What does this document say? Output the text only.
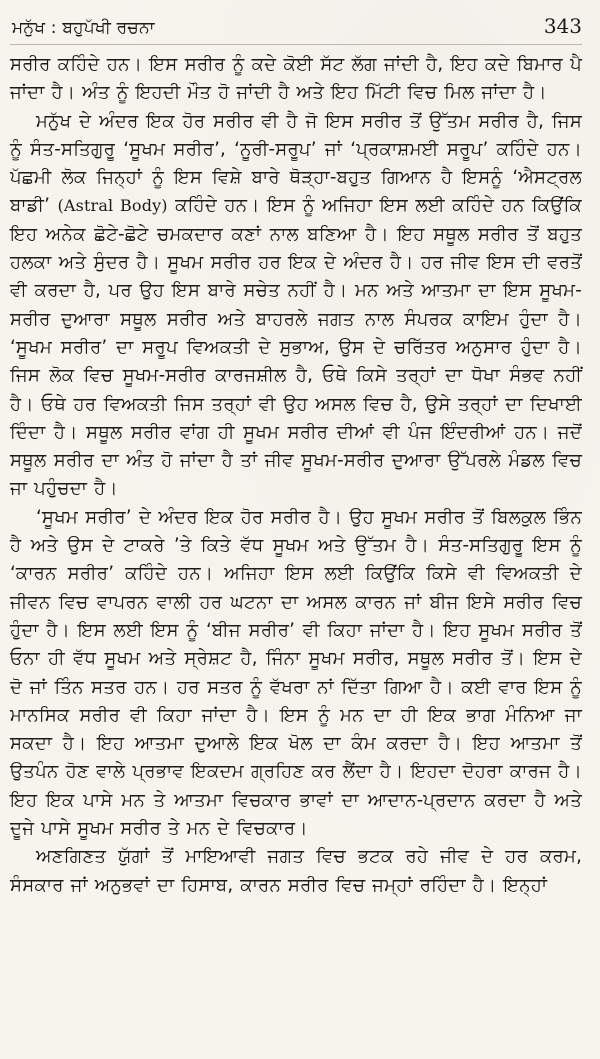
ਮਨੁੱਖ : ਬਹੁਪੱਖੀ ਰਚਨਾ	343

ਸਰੀਰ ਕਹਿੰਦੇ ਹਨ। ਇਸ ਸਰੀਰ ਨੂੰ ਕਦੇ ਕੋਈ ਸੱਟ ਲੱਗ ਜਾਂਦੀ ਹੈ, ਇਹ ਕਦੇ ਬਿਮਾਰ ਪੈ ਜਾਂਦਾ ਹੈ। ਅੰਤ ਨੂੰ ਇਹਦੀ ਮੌਤ ਹੋ ਜਾਂਦੀ ਹੈ ਅਤੇ ਇਹ ਮਿੱਟੀ ਵਿਚ ਮਿਲ ਜਾਂਦਾ ਹੈ।

ਮਨੁੱਖ ਦੇ ਅੰਦਰ ਇਕ ਹੋਰ ਸਰੀਰ ਵੀ ਹੈ ਜੋ ਇਸ ਸਰੀਰ ਤੋਂ ਉੱਤਮ ਸਰੀਰ ਹੈ, ਜਿਸ ਨੂੰ ਸੰਤ-ਸਤਿਗੁਰੂ ‘ਸੂਖਮ ਸਰੀਰ’, ‘ਨੂਰੀ-ਸਰੂਪ’ ਜਾਂ ‘ਪ੍ਰਕਾਸ਼ਮਈ ਸਰੂਪ’ ਕਹਿੰਦੇ ਹਨ। ਪੱਛਮੀ ਲੋਕ ਜਿਨ੍ਹਾਂ ਨੂੰ ਇਸ ਵਿਸ਼ੇ ਬਾਰੇ ਥੋੜ੍ਹਾ-ਬਹੁਤ ਗਿਆਨ ਹੈ ਇਸਨੂੰ ‘ਐਸਟ੍ਰਲ ਬਾਡੀ’ (Astral Body) ਕਹਿੰਦੇ ਹਨ। ਇਸ ਨੂੰ ਅਜਿਹਾ ਇਸ ਲਈ ਕਹਿੰਦੇ ਹਨ ਕਿਉਂਕਿ ਇਹ ਅਨੇਕ ਛੋਟੇ-ਛੋਟੇ ਚਮਕਦਾਰ ਕਣਾਂ ਨਾਲ ਬਣਿਆ ਹੈ। ਇਹ ਸਥੂਲ ਸਰੀਰ ਤੋਂ ਬਹੁਤ ਹਲਕਾ ਅਤੇ ਸੁੰਦਰ ਹੈ। ਸੂਖਮ ਸਰੀਰ ਹਰ ਇਕ ਦੇ ਅੰਦਰ ਹੈ। ਹਰ ਜੀਵ ਇਸ ਦੀ ਵਰਤੋਂ ਵੀ ਕਰਦਾ ਹੈ, ਪਰ ਉਹ ਇਸ ਬਾਰੇ ਸਚੇਤ ਨਹੀਂ ਹੈ। ਮਨ ਅਤੇ ਆਤਮਾ ਦਾ ਇਸ ਸੂਖਮ-ਸਰੀਰ ਦੁਆਰਾ ਸਥੂਲ ਸਰੀਰ ਅਤੇ ਬਾਹਰਲੇ ਜਗਤ ਨਾਲ ਸੰਪਰਕ ਕਾਇਮ ਹੁੰਦਾ ਹੈ। ‘ਸੂਖਮ ਸਰੀਰ’ ਦਾ ਸਰੂਪ ਵਿਅਕਤੀ ਦੇ ਸੁਭਾਅ, ਉਸ ਦੇ ਚਰਿੱਤਰ ਅਨੁਸਾਰ ਹੁੰਦਾ ਹੈ। ਜਿਸ ਲੋਕ ਵਿਚ ਸੂਖਮ-ਸਰੀਰ ਕਾਰਜਸ਼ੀਲ ਹੈ, ਓਥੇ ਕਿਸੇ ਤਰ੍ਹਾਂ ਦਾ ਧੋਖਾ ਸੰਭਵ ਨਹੀਂ ਹੈ। ਓਥੇ ਹਰ ਵਿਅਕਤੀ ਜਿਸ ਤਰ੍ਹਾਂ ਵੀ ਉਹ ਅਸਲ ਵਿਚ ਹੈ, ਉਸੇ ਤਰ੍ਹਾਂ ਦਾ ਦਿਖਾਈ ਦਿੰਦਾ ਹੈ। ਸਥੂਲ ਸਰੀਰ ਵਾਂਗ ਹੀ ਸੂਖਮ ਸਰੀਰ ਦੀਆਂ ਵੀ ਪੰਜ ਇੰਦਰੀਆਂ ਹਨ। ਜਦੋਂ ਸਥੂਲ ਸਰੀਰ ਦਾ ਅੰਤ ਹੋ ਜਾਂਦਾ ਹੈ ਤਾਂ ਜੀਵ ਸੂਖਮ-ਸਰੀਰ ਦੁਆਰਾ ਉੱਪਰਲੇ ਮੰਡਲ ਵਿਚ ਜਾ ਪਹੁੰਚਦਾ ਹੈ।

‘ਸੂਖਮ ਸਰੀਰ’ ਦੇ ਅੰਦਰ ਇਕ ਹੋਰ ਸਰੀਰ ਹੈ। ਉਹ ਸੂਖਮ ਸਰੀਰ ਤੋਂ ਬਿਲਕੁਲ ਭਿੰਨ ਹੈ ਅਤੇ ਉਸ ਦੇ ਟਾਕਰੇ ’ਤੇ ਕਿਤੇ ਵੱਧ ਸੂਖਮ ਅਤੇ ਉੱਤਮ ਹੈ। ਸੰਤ-ਸਤਿਗੁਰੂ ਇਸ ਨੂੰ ‘ਕਾਰਨ ਸਰੀਰ’ ਕਹਿੰਦੇ ਹਨ। ਅਜਿਹਾ ਇਸ ਲਈ ਕਿਉਂਕਿ ਕਿਸੇ ਵੀ ਵਿਅਕਤੀ ਦੇ ਜੀਵਨ ਵਿਚ ਵਾਪਰਨ ਵਾਲੀ ਹਰ ਘਟਨਾ ਦਾ ਅਸਲ ਕਾਰਨ ਜਾਂ ਬੀਜ ਇਸੇ ਸਰੀਰ ਵਿਚ ਹੁੰਦਾ ਹੈ। ਇਸ ਲਈ ਇਸ ਨੂੰ ‘ਬੀਜ ਸਰੀਰ’ ਵੀ ਕਿਹਾ ਜਾਂਦਾ ਹੈ। ਇਹ ਸੂਖਮ ਸਰੀਰ ਤੋਂ ਓਨਾ ਹੀ ਵੱਧ ਸੂਖਮ ਅਤੇ ਸ੍ਰੇਸ਼ਟ ਹੈ, ਜਿੰਨਾ ਸੂਖਮ ਸਰੀਰ, ਸਥੂਲ ਸਰੀਰ ਤੋਂ। ਇਸ ਦੇ ਦੋ ਜਾਂ ਤਿੰਨ ਸਤਰ ਹਨ। ਹਰ ਸਤਰ ਨੂੰ ਵੱਖਰਾ ਨਾਂ ਦਿੱਤਾ ਗਿਆ ਹੈ। ਕਈ ਵਾਰ ਇਸ ਨੂੰ ਮਾਨਸਿਕ ਸਰੀਰ ਵੀ ਕਿਹਾ ਜਾਂਦਾ ਹੈ। ਇਸ ਨੂੰ ਮਨ ਦਾ ਹੀ ਇਕ ਭਾਗ ਮੰਨਿਆ ਜਾ ਸਕਦਾ ਹੈ। ਇਹ ਆਤਮਾ ਦੁਆਲੇ ਇਕ ਖੋਲ ਦਾ ਕੰਮ ਕਰਦਾ ਹੈ। ਇਹ ਆਤਮਾ ਤੋਂ ਉਤਪੰਨ ਹੋਣ ਵਾਲੇ ਪ੍ਰਭਾਵ ਇਕਦਮ ਗ੍ਰਹਿਣ ਕਰ ਲੈਂਦਾ ਹੈ। ਇਹਦਾ ਦੋਹਰਾ ਕਾਰਜ ਹੈ। ਇਹ ਇਕ ਪਾਸੇ ਮਨ ਤੇ ਆਤਮਾ ਵਿਚਕਾਰ ਭਾਵਾਂ ਦਾ ਆਦਾਨ-ਪ੍ਰਦਾਨ ਕਰਦਾ ਹੈ ਅਤੇ ਦੂਜੇ ਪਾਸੇ ਸੂਖਮ ਸਰੀਰ ਤੇ ਮਨ ਦੇ ਵਿਚਕਾਰ।

ਅਣਗਿਣਤ ਯੁੱਗਾਂ ਤੋਂ ਮਾਇਆਵੀ ਜਗਤ ਵਿਚ ਭਟਕ ਰਹੇ ਜੀਵ ਦੇ ਹਰ ਕਰਮ, ਸੰਸਕਾਰ ਜਾਂ ਅਨੁਭਵਾਂ ਦਾ ਹਿਸਾਬ, ਕਾਰਨ ਸਰੀਰ ਵਿਚ ਜਮ੍ਹਾਂ ਰਹਿੰਦਾ ਹੈ। ਇਨ੍ਹਾਂ
